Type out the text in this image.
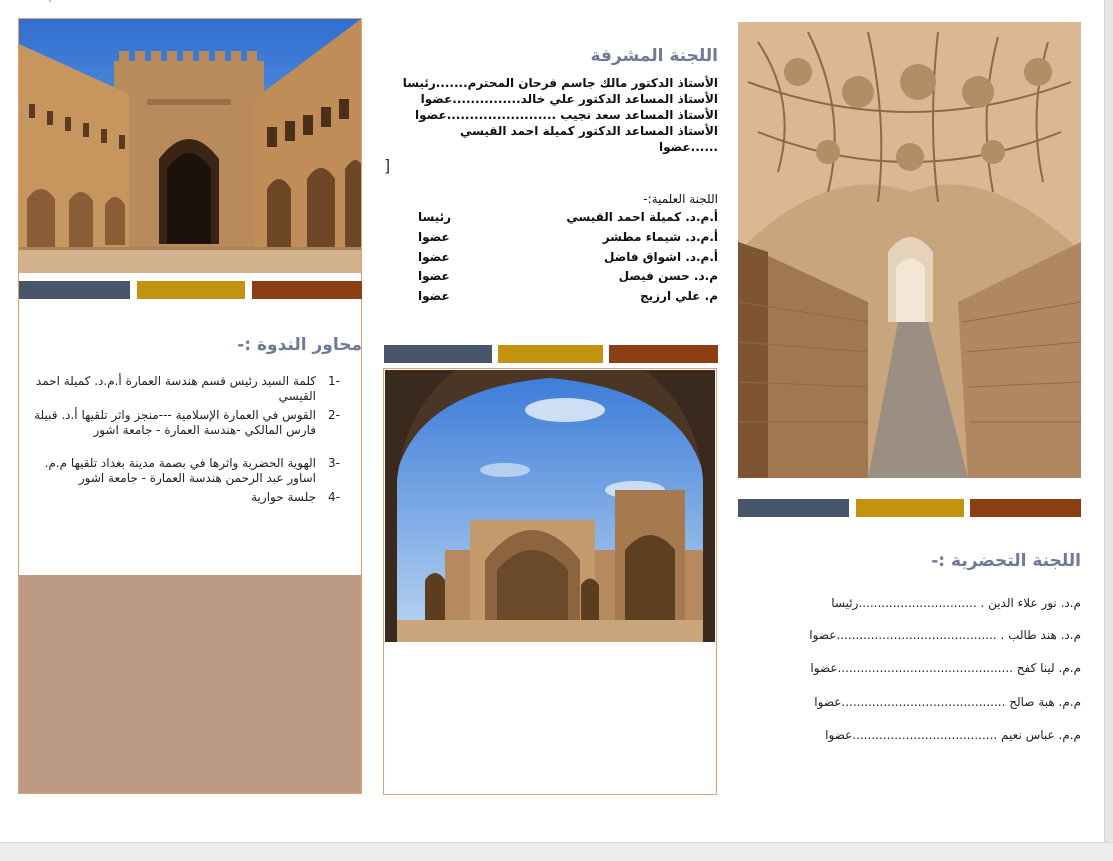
`
محاور الندوة :-
-1
كلمة السيد رئيس قسم هندسة العمارة أ.م.د. كميلة احمد القيسي
-2
القوس في العمارة الإسلامية ---منجز واثر تلقيها أ.د. قبيلة فارس المالكي -هندسة العمارة - جامعة اشور
-3
الهوية الحضرية واثرها في بصمة مدينة بغداد تلقيها م.م. اساور عبد الرحمن هندسة العمارة - جامعة اشور
-4
جلسة حوارية
اللجنة المشرفة
الأستاذ الدكتور مالك جاسم فرحان المحترم.......رئيسا
الأستاذ المساعد الدكتور علي خالد...............عضوا
الأستاذ المساعد سعد نجيب ........................عضوا
الأستاذ المساعد الدكتور كميلة احمد القيسي ......عضوا
]
اللجنة العلمية:-
أ.م.د. كميلة احمد القيسي
رئيسا
أ.م.د. شيماء مطشر
عضوا
أ.م.د. اشواق فاضل
عضوا
م.د. حسن فيصل
عضوا
م. علي ارزيج
عضوا
اللجنة التحضرية :-
م.د. نور علاء الدين . ...............................رئيسا
م.د. هند طالب . ..........................................عضوا
م.م. لينا كفح ..............................................عضوا
م.م. هبة صالح ...........................................عضوا
م.م. عباس نعيم ......................................عضوا
